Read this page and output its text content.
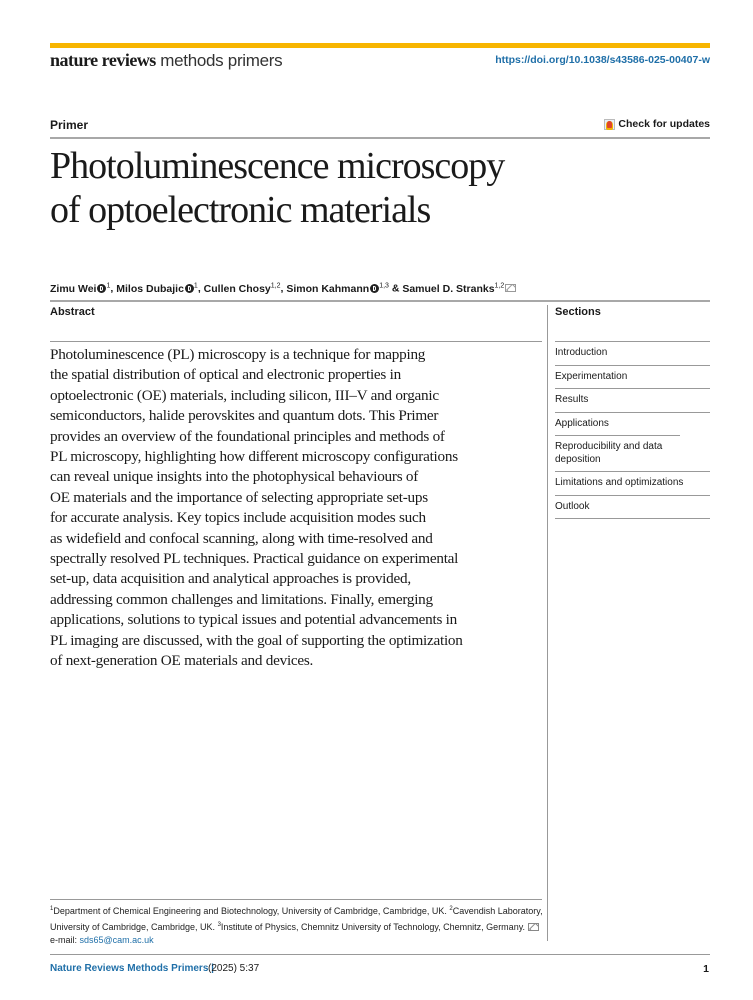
nature reviews methods primers	https://doi.org/10.1038/s43586-025-00407-w
Primer	Check for updates
Photoluminescence microscopy
of optoelectronic materials
Zimu Wei $^1$, Milos Dubajic $^1$, Cullen Chosy$^{1,2}$, Simon Kahmann $^{1,3}$ & Samuel D. Stranks$^{1,2}$
Abstract
Photoluminescence (PL) microscopy is a technique for mapping
the spatial distribution of optical and electronic properties in
optoelectronic (OE) materials, including silicon, III–V and organic
semiconductors, halide perovskites and quantum dots. This Primer
provides an overview of the foundational principles and methods of
PL microscopy, highlighting how different microscopy configurations
can reveal unique insights into the photophysical behaviours of
OE materials and the importance of selecting appropriate set-ups
for accurate analysis. Key topics include acquisition modes such
as widefield and confocal scanning, along with time-resolved and
spectrally resolved PL techniques. Practical guidance on experimental
set-up, data acquisition and analytical approaches is provided,
addressing common challenges and limitations. Finally, emerging
applications, solutions to typical issues and potential advancements in
PL imaging are discussed, with the goal of supporting the optimization
of next-generation OE materials and devices.
Sections
Introduction
Experimentation
Results
Applications
Reproducibility and data deposition
Limitations and optimizations
Outlook
$^1$Department of Chemical Engineering and Biotechnology, University of Cambridge, Cambridge, UK. $^2$Cavendish Laboratory, University of Cambridge, Cambridge, UK. $^3$Institute of Physics, Chemnitz University of Technology, Chemnitz, Germany. e-mail: sds65@cam.ac.uk
Nature Reviews Methods Primers |
(2025) 5:37	1
